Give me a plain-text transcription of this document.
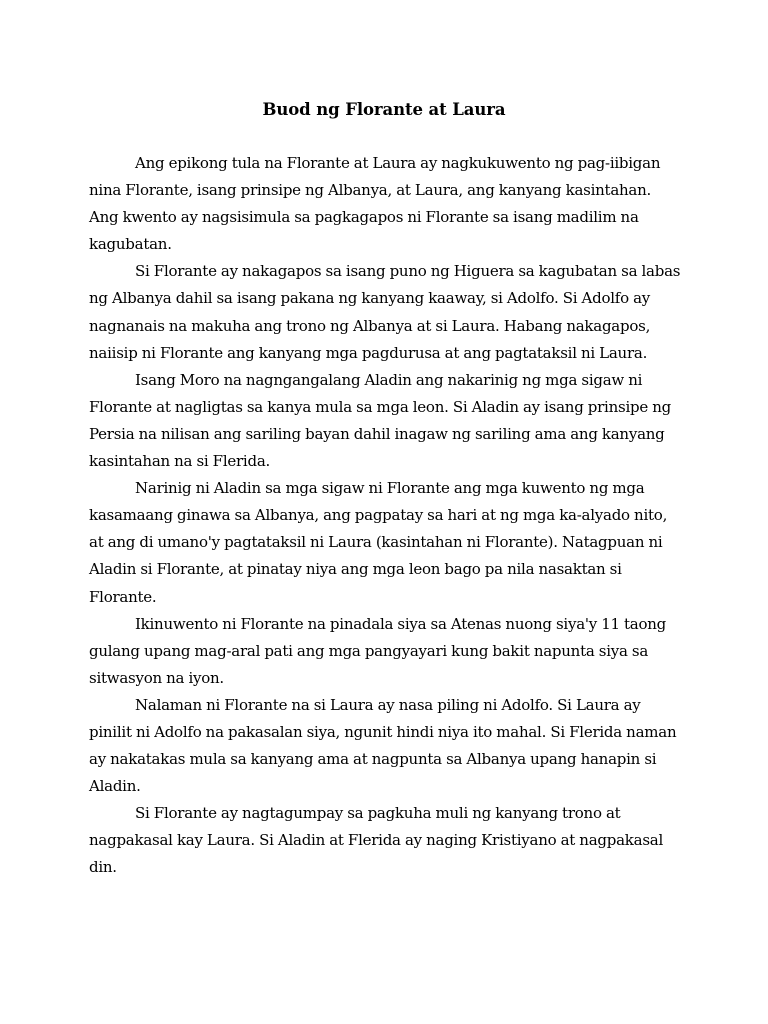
Buod ng Florante at Laura

Ang epikong tula na Florante at Laura ay nagkukuwento ng pag-iibigan nina Florante, isang prinsipe ng Albanya, at Laura, ang kanyang kasintahan. Ang kwento ay nagsisimula sa pagkagapos ni Florante sa isang madilim na kagubatan.

Si Florante ay nakagapos sa isang puno ng Higuera sa kagubatan sa labas ng Albanya dahil sa isang pakana ng kanyang kaaway, si Adolfo. Si Adolfo ay nagnanais na makuha ang trono ng Albanya at si Laura. Habang nakagapos, naiisip ni Florante ang kanyang mga pagdurusa at ang pagtataksil ni Laura.

Isang Moro na nagngangalang Aladin ang nakarinig ng mga sigaw ni Florante at nagligtas sa kanya mula sa mga leon. Si Aladin ay isang prinsipe ng Persia na nilisan ang sariling bayan dahil inagaw ng sariling ama ang kanyang kasintahan na si Flerida.

Narinig ni Aladin sa mga sigaw ni Florante ang mga kuwento ng mga kasamaang ginawa sa Albanya, ang pagpatay sa hari at ng mga ka-alyado nito, at ang di umano'y pagtataksil ni Laura (kasintahan ni Florante). Natagpuan ni Aladin si Florante, at pinatay niya ang mga leon bago pa nila nasaktan si Florante.

Ikinuwento ni Florante na pinadala siya sa Atenas nuong siya'y 11 taong gulang upang mag-aral pati ang mga pangyayari kung bakit napunta siya sa sitwasyon na iyon.

Nalaman ni Florante na si Laura ay nasa piling ni Adolfo. Si Laura ay pinilit ni Adolfo na pakasalan siya, ngunit hindi niya ito mahal. Si Flerida naman ay nakatakas mula sa kanyang ama at nagpunta sa Albanya upang hanapin si Aladin.

Si Florante ay nagtagumpay sa pagkuha muli ng kanyang trono at nagpakasal kay Laura. Si Aladin at Flerida ay naging Kristiyano at nagpakasal din.
